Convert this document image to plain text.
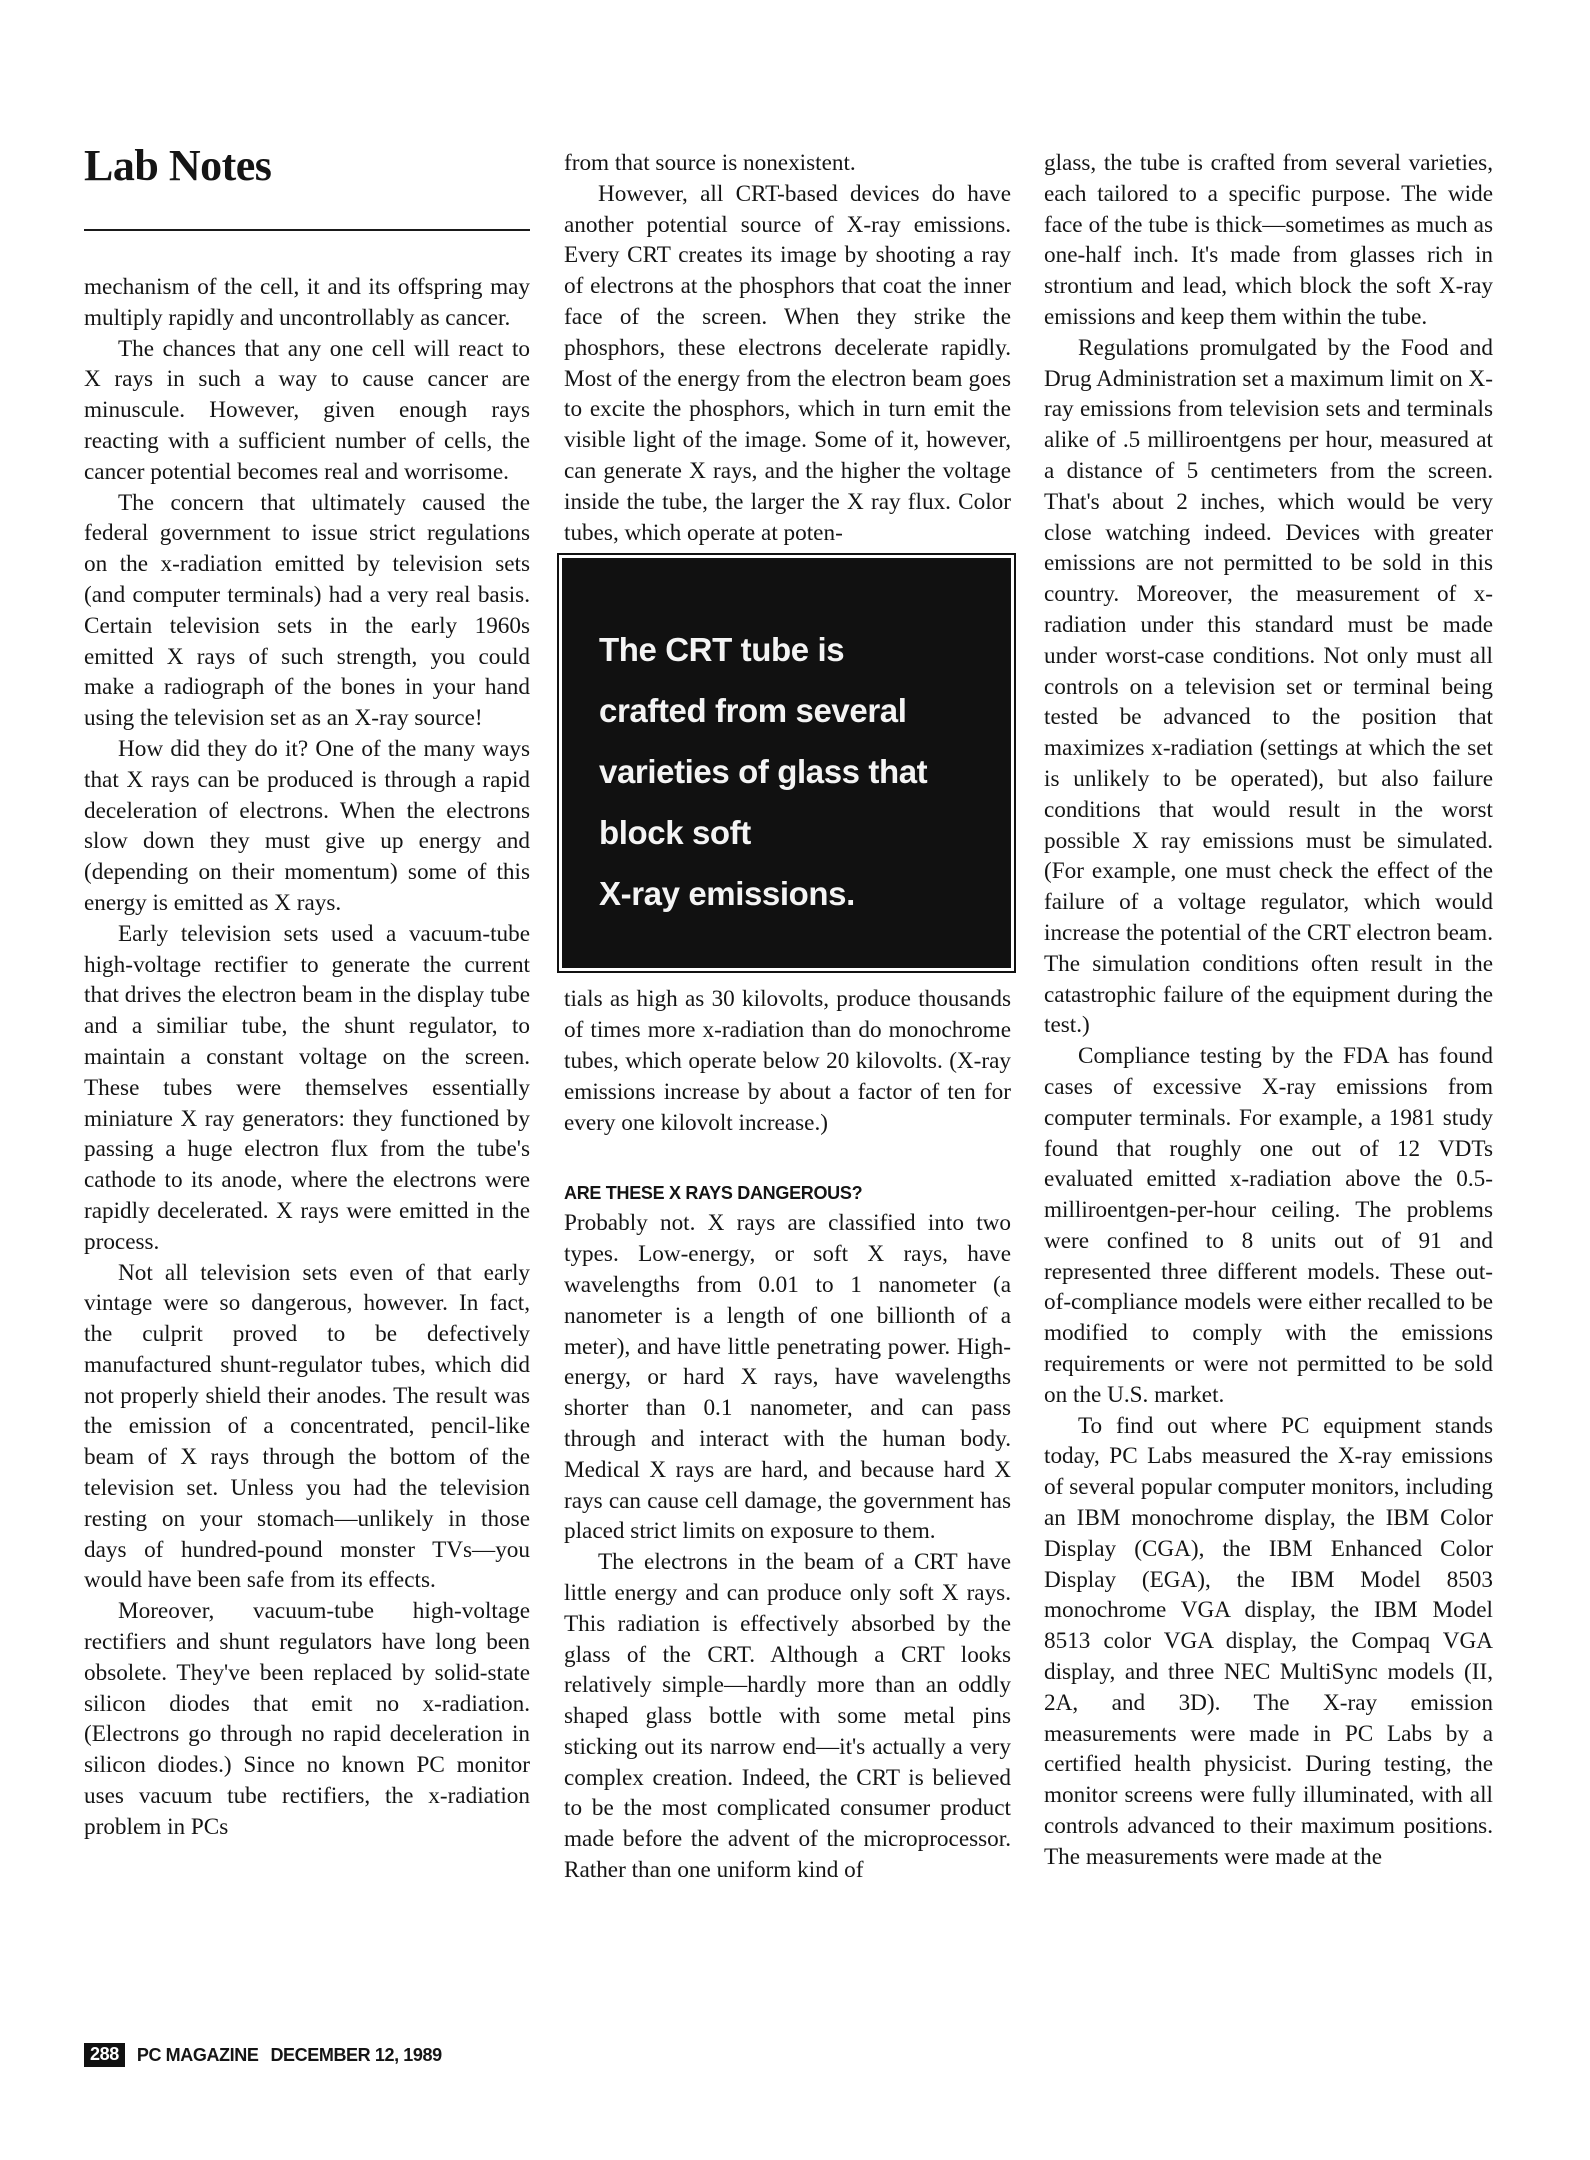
Lab Notes

mechanism of the cell, it and its offspring may multiply rapidly and uncontrollably as cancer.

The chances that any one cell will react to X rays in such a way to cause cancer are minuscule. However, given enough rays reacting with a sufficient number of cells, the cancer potential becomes real and worrisome.

The concern that ultimately caused the federal government to issue strict regulations on the x-radiation emitted by television sets (and computer terminals) had a very real basis. Certain television sets in the early 1960s emitted X rays of such strength, you could make a radiograph of the bones in your hand using the television set as an X-ray source!

How did they do it? One of the many ways that X rays can be produced is through a rapid deceleration of electrons. When the electrons slow down they must give up energy and (depending on their momentum) some of this energy is emitted as X rays.

Early television sets used a vacuum-tube high-voltage rectifier to generate the current that drives the electron beam in the display tube and a similiar tube, the shunt regulator, to maintain a constant voltage on the screen. These tubes were themselves essentially miniature X ray generators: they functioned by passing a huge electron flux from the tube's cathode to its anode, where the electrons were rapidly decelerated. X rays were emitted in the process.

Not all television sets even of that early vintage were so dangerous, however. In fact, the culprit proved to be defectively manufactured shunt-regulator tubes, which did not properly shield their anodes. The result was the emission of a concentrated, pencil-like beam of X rays through the bottom of the television set. Unless you had the television resting on your stomach—unlikely in those days of hundred-pound monster TVs—you would have been safe from its effects.

Moreover, vacuum-tube high-voltage rectifiers and shunt regulators have long been obsolete. They've been replaced by solid-state silicon diodes that emit no x-radiation. (Electrons go through no rapid deceleration in silicon diodes.) Since no known PC monitor uses vacuum tube rectifiers, the x-radiation problem in PCs

from that source is nonexistent.

However, all CRT-based devices do have another potential source of X-ray emissions. Every CRT creates its image by shooting a ray of electrons at the phosphors that coat the inner face of the screen. When they strike the phosphors, these electrons decelerate rapidly. Most of the energy from the electron beam goes to excite the phosphors, which in turn emit the visible light of the image. Some of it, however, can generate X rays, and the higher the voltage inside the tube, the larger the X ray flux. Color tubes, which operate at poten-

The CRT tube is
crafted from several
varieties of glass that
block soft
X-ray emissions.

tials as high as 30 kilovolts, produce thousands of times more x-radiation than do monochrome tubes, which operate below 20 kilovolts. (X-ray emissions increase by about a factor of ten for every one kilovolt increase.)

ARE THESE X RAYS DANGEROUS?

Probably not. X rays are classified into two types. Low-energy, or soft X rays, have wavelengths from 0.01 to 1 nanometer (a nanometer is a length of one billionth of a meter), and have little penetrating power. High-energy, or hard X rays, have wavelengths shorter than 0.1 nanometer, and can pass through and interact with the human body. Medical X rays are hard, and because hard X rays can cause cell damage, the government has placed strict limits on exposure to them.

The electrons in the beam of a CRT have little energy and can produce only soft X rays. This radiation is effectively absorbed by the glass of the CRT. Although a CRT looks relatively simple—hardly more than an oddly shaped glass bottle with some metal pins sticking out its narrow end—it's actually a very complex creation. Indeed, the CRT is believed to be the most complicated consumer product made before the advent of the microprocessor. Rather than one uniform kind of

glass, the tube is crafted from several varieties, each tailored to a specific purpose. The wide face of the tube is thick—sometimes as much as one-half inch. It's made from glasses rich in strontium and lead, which block the soft X-ray emissions and keep them within the tube.

Regulations promulgated by the Food and Drug Administration set a maximum limit on X-ray emissions from television sets and terminals alike of .5 milliroentgens per hour, measured at a distance of 5 centimeters from the screen. That's about 2 inches, which would be very close watching indeed. Devices with greater emissions are not permitted to be sold in this country. Moreover, the measurement of x-radiation under this standard must be made under worst-case conditions. Not only must all controls on a television set or terminal being tested be advanced to the position that maximizes x-radiation (settings at which the set is unlikely to be operated), but also failure conditions that would result in the worst possible X ray emissions must be simulated. (For example, one must check the effect of the failure of a voltage regulator, which would increase the potential of the CRT electron beam. The simulation conditions often result in the catastrophic failure of the equipment during the test.)

Compliance testing by the FDA has found cases of excessive X-ray emissions from computer terminals. For example, a 1981 study found that roughly one out of 12 VDTs evaluated emitted x-radiation above the 0.5-milliroentgen-per-hour ceiling. The problems were confined to 8 units out of 91 and represented three different models. These out-of-compliance models were either recalled to be modified to comply with the emissions requirements or were not permitted to be sold on the U.S. market.

To find out where PC equipment stands today, PC Labs measured the X-ray emissions of several popular computer monitors, including an IBM monochrome display, the IBM Color Display (CGA), the IBM Enhanced Color Display (EGA), the IBM Model 8503 monochrome VGA display, the IBM Model 8513 color VGA display, the Compaq VGA display, and three NEC MultiSync models (II, 2A, and 3D). The X-ray emission measurements were made in PC Labs by a certified health physicist. During testing, the monitor screens were fully illuminated, with all controls advanced to their maximum positions. The measurements were made at the

288	PC MAGAZINE DECEMBER 12, 1989
